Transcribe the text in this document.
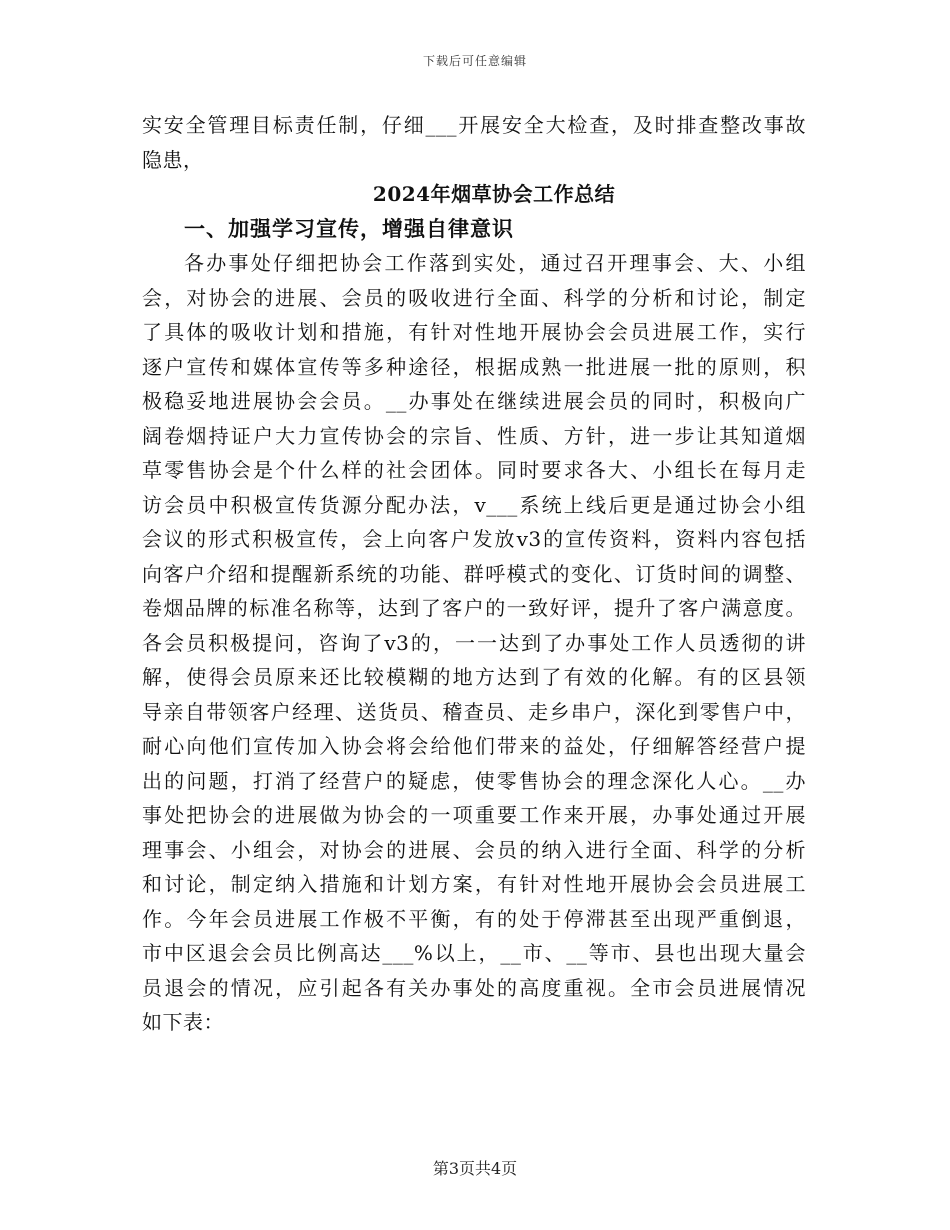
下载后可任意编辑
实安全管理目标责任制，仔细___开展安全大检查，及时排查整改事故
隐患，
2024年烟草协会工作总结
一、加强学习宣传，增强自律意识
各办事处仔细把协会工作落到实处，通过召开理事会、大、小组
会，对协会的进展、会员的吸收进行全面、科学的分析和讨论，制定
了具体的吸收计划和措施，有针对性地开展协会会员进展工作，实行
逐户宣传和媒体宣传等多种途径，根据成熟一批进展一批的原则，积
极稳妥地进展协会会员。__办事处在继续进展会员的同时，积极向广
阔卷烟持证户大力宣传协会的宗旨、性质、方针，进一步让其知道烟
草零售协会是个什么样的社会团体。同时要求各大、小组长在每月走
访会员中积极宣传货源分配办法，v___系统上线后更是通过协会小组
会议的形式积极宣传，会上向客户发放v3的宣传资料，资料内容包括
向客户介绍和提醒新系统的功能、群呼模式的变化、订货时间的调整、
卷烟品牌的标准名称等，达到了客户的一致好评，提升了客户满意度。
各会员积极提问，咨询了v3的，一一达到了办事处工作人员透彻的讲
解，使得会员原来还比较模糊的地方达到了有效的化解。有的区县领
导亲自带领客户经理、送货员、稽查员、走乡串户，深化到零售户中，
耐心向他们宣传加入协会将会给他们带来的益处，仔细解答经营户提
出的问题，打消了经营户的疑虑，使零售协会的理念深化人心。__办
事处把协会的进展做为协会的一项重要工作来开展，办事处通过开展
理事会、小组会，对协会的进展、会员的纳入进行全面、科学的分析
和讨论，制定纳入措施和计划方案，有针对性地开展协会会员进展工
作。今年会员进展工作极不平衡，有的处于停滞甚至出现严重倒退，
市中区退会会员比例高达___%以上，__市、__等市、县也出现大量会
员退会的情况，应引起各有关办事处的高度重视。全市会员进展情况
如下表：
第3页共4页
